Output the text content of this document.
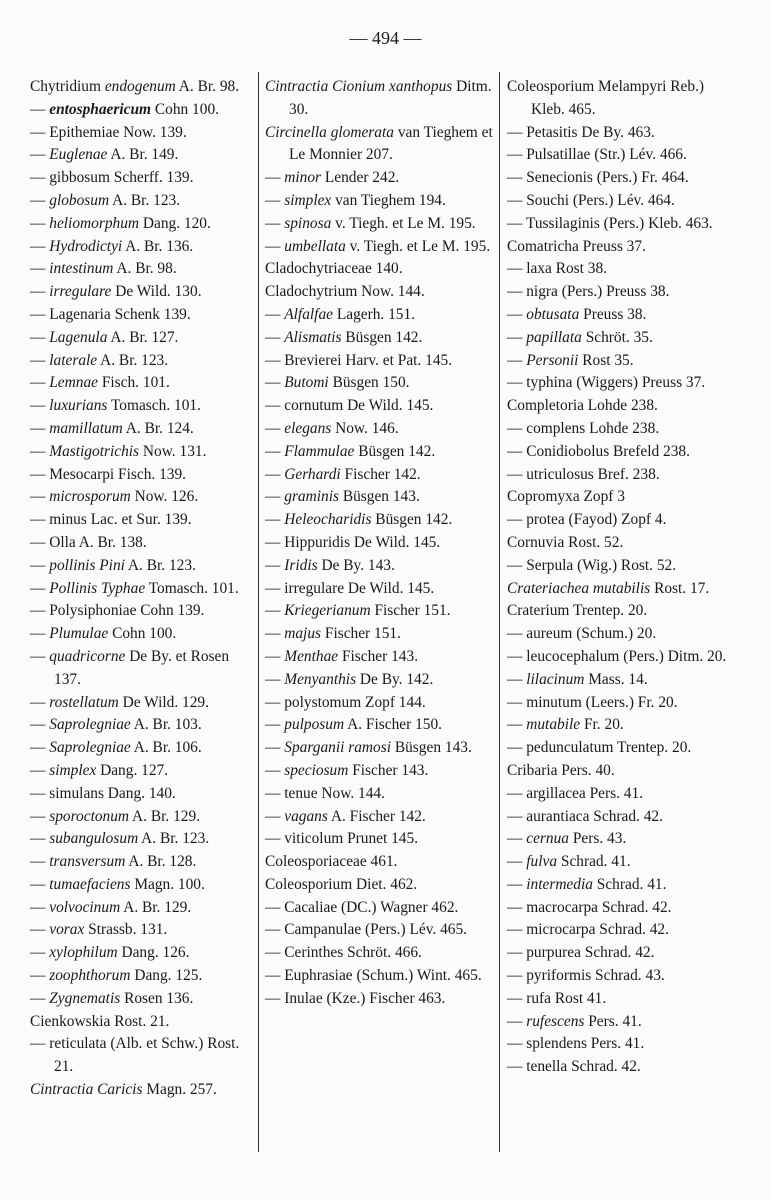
— 494 —
Chytridium endogenum A. Br. 98.
— entosphaericum Cohn 100.
— Epithemiae Now. 139.
— Euglenae A. Br. 149.
— gibbosum Scherff. 139.
— globosum A. Br. 123.
— heliomorphum Dang. 120.
— Hydrodictyi A. Br. 136.
— intestinum A. Br. 98.
— irregulare De Wild. 130.
— Lagenaria Schenk 139.
— Lagenula A. Br. 127.
— laterale A. Br. 123.
— Lemnae Fisch. 101.
— luxurians Tomasch. 101.
— mamillatum A. Br. 124.
— Mastigotrichis Now. 131.
— Mesocarpi Fisch. 139.
— microsporum Now. 126.
— minus Lac. et Sur. 139.
— Olla A. Br. 138.
— pollinis Pini A. Br. 123.
— Pollinis Typhae Tomasch. 101.
— Polysiphoniae Cohn 139.
— Plumulae Cohn 100.
— quadricorne De By. et Rosen 137.
— rostellatum De Wild. 129.
— Saprolegniae A. Br. 103.
— Saprolegniae A. Br. 106.
— simplex Dang. 127.
— simulans Dang. 140.
— sporoctonum A. Br. 129.
— subangulosum A. Br. 123.
— transversum A. Br. 128.
— tumaefaciens Magn. 100.
— volvocinum A. Br. 129.
— vorax Strassb. 131.
— xylophilum Dang. 126.
— zoophthorum Dang. 125.
— Zygnematis Rosen 136.
Cienkowskia Rost. 21.
— reticulata (Alb. et Schw.) Rost. 21.
Cintractia Caricis Magn. 257.
Cintractia Cionium xanthopus Ditm. 30.
Circinella glomerata van Tieghem et Le Monnier 207.
— minor Lender 242.
— simplex van Tieghem 194.
— spinosa v. Tiegh. et Le M. 195.
— umbellata v. Tiegh. et Le M. 195.
Cladochytriaceae 140.
Cladochytrium Now. 144.
— Alfalfae Lagerh. 151.
— Alismatis Büsgen 142.
— Brevierei Harv. et Pat. 145.
— Butomi Büsgen 150.
— cornutum De Wild. 145.
— elegans Now. 146.
— Flammulae Büsgen 142.
— Gerhardi Fischer 142.
— graminis Büsgen 143.
— Heleocharidis Büsgen 142.
— Hippuridis De Wild. 145.
— Iridis De By. 143.
— irregulare De Wild. 145.
— Kriegerianum Fischer 151.
— majus Fischer 151.
— Menthae Fischer 143.
— Menyanthis De By. 142.
— polystomum Zopf 144.
— pulposum A. Fischer 150.
— Sparganii ramosi Büsgen 143.
— speciosum Fischer 143.
— tenue Now. 144.
— vagans A. Fischer 142.
— viticolum Prunet 145.
Coleosporiaceae 461.
Coleosporium Diet. 462.
— Cacaliae (DC.) Wagner 462.
— Campanulae (Pers.) Lév. 465.
— Cerinthes Schröt. 466.
— Euphrasiae (Schum.) Wint. 465.
— Inulae (Kze.) Fischer 463.
Coleosporium Melampyri Reb.) Kleb. 465.
— Petasitis De By. 463.
— Pulsatillae (Str.) Lév. 466.
— Senecionis (Pers.) Fr. 464.
— Souchi (Pers.) Lév. 464.
— Tussilaginis (Pers.) Kleb. 463.
Comatricha Preuss 37.
— laxa Rost 38.
— nigra (Pers.) Preuss 38.
— obtusata Preuss 38.
— papillata Schröt. 35.
— Personii Rost 35.
— typhina (Wiggers) Preuss 37.
Completoria Lohde 238.
— complens Lohde 238.
— Conidiobolus Brefeld 238.
— utriculosus Bref. 238.
Copromyxa Zopf 3
— protea (Fayod) Zopf 4.
Cornuvia Rost. 52.
— Serpula (Wig.) Rost. 52.
Crateriachea mutabilis Rost. 17.
Craterium Trentep. 20.
— aureum (Schum.) 20.
— leucocephalum (Pers.) Ditm. 20.
— lilacinum Mass. 14.
— minutum (Leers.) Fr. 20.
— mutabile Fr. 20.
— pedunculatum Trentep. 20.
Cribaria Pers. 40.
— argillacea Pers. 41.
— aurantiaca Schrad. 42.
— cernua Pers. 43.
— fulva Schrad. 41.
— intermedia Schrad. 41.
— macrocarpa Schrad. 42.
— microcarpa Schrad. 42.
— purpurea Schrad. 42.
— pyriformis Schrad. 43.
— rufa Rost 41.
— rufescens Pers. 41.
— splendens Pers. 41.
— tenella Schrad. 42.
